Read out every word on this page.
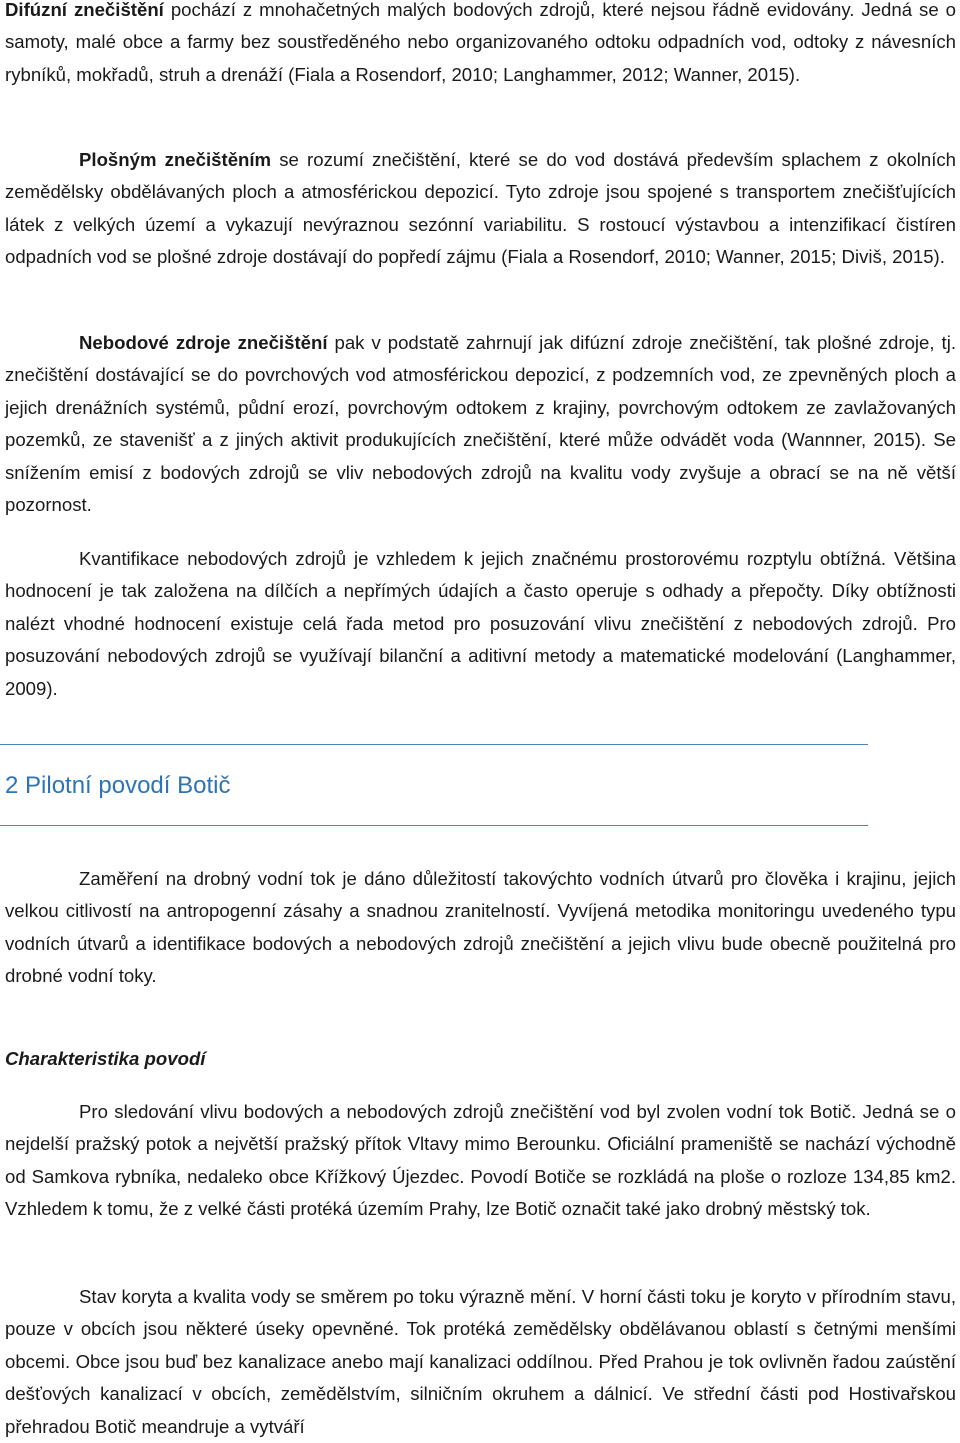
Difúzní znečištění pochází z mnohačetných malých bodových zdrojů, které nejsou řádně evidovány. Jedná se o samoty, malé obce a farmy bez soustředěného nebo organizovaného odtoku odpadních vod, odtoky z návesních rybníků, mokřadů, struh a drenáží (Fiala a Rosendorf, 2010; Langhammer, 2012; Wanner, 2015).

Plošným znečištěním se rozumí znečištění, které se do vod dostává především splachem z okolních zemědělsky obdělávaných ploch a atmosférickou depozicí. Tyto zdroje jsou spojené s transportem znečišťujících látek z velkých území a vykazují nevýraznou sezónní variabilitu. S rostoucí výstavbou a intenzifikací čistíren odpadních vod se plošné zdroje dostávají do popředí zájmu (Fiala a Rosendorf, 2010; Wanner, 2015; Diviš, 2015).

Nebodové zdroje znečištění pak v podstatě zahrnují jak difúzní zdroje znečištění, tak plošné zdroje, tj. znečištění dostávající se do povrchových vod atmosférickou depozicí, z podzemních vod, ze zpevněných ploch a jejich drenážních systémů, půdní erozí, povrchovým odtokem z krajiny, povrchovým odtokem ze zavlažovaných pozemků, ze stavenišť a z jiných aktivit produkujících znečištění, které může odvádět voda (Wannner, 2015). Se snížením emisí z bodových zdrojů se vliv nebodových zdrojů na kvalitu vody zvyšuje a obrací se na ně větší pozornost.

Kvantifikace nebodových zdrojů je vzhledem k jejich značnému prostorovému rozptylu obtížná. Většina hodnocení je tak založena na dílčích a nepřímých údajích a často operuje s odhady a přepočty. Díky obtížnosti nalézt vhodné hodnocení existuje celá řada metod pro posuzování vlivu znečištění z nebodových zdrojů. Pro posuzování nebodových zdrojů se využívají bilanční a aditivní metody a matematické modelování (Langhammer, 2009).

2 Pilotní povodí Botič

Zaměření na drobný vodní tok je dáno důležitostí takovýchto vodních útvarů pro člověka i krajinu, jejich velkou citlivostí na antropogenní zásahy a snadnou zranitelností. Vyvíjená metodika monitoringu uvedeného typu vodních útvarů a identifikace bodových a nebodových zdrojů znečištění a jejich vlivu bude obecně použitelná pro drobné vodní toky.

Charakteristika povodí

Pro sledování vlivu bodových a nebodových zdrojů znečištění vod byl zvolen vodní tok Botič. Jedná se o nejdelší pražský potok a největší pražský přítok Vltavy mimo Berounku. Oficiální prameniště se nachází východně od Samkova rybníka, nedaleko obce Křížkový Újezdec. Povodí Botiče se rozkládá na ploše o rozloze 134,85 km2. Vzhledem k tomu, že z velké části protéká územím Prahy, lze Botič označit také jako drobný městský tok.

Stav koryta a kvalita vody se směrem po toku výrazně mění. V horní části toku je koryto v přírodním stavu, pouze v obcích jsou některé úseky opevněné. Tok protéká zemědělsky obdělávanou oblastí s četnými menšími obcemi. Obce jsou buď bez kanalizace anebo mají kanalizaci oddílnou. Před Prahou je tok ovlivněn řadou zaústění dešťových kanalizací v obcích, zemědělstvím, silničním okruhem a dálnicí. Ve střední části pod Hostivařskou přehradou Botič meandruje a vytváří
